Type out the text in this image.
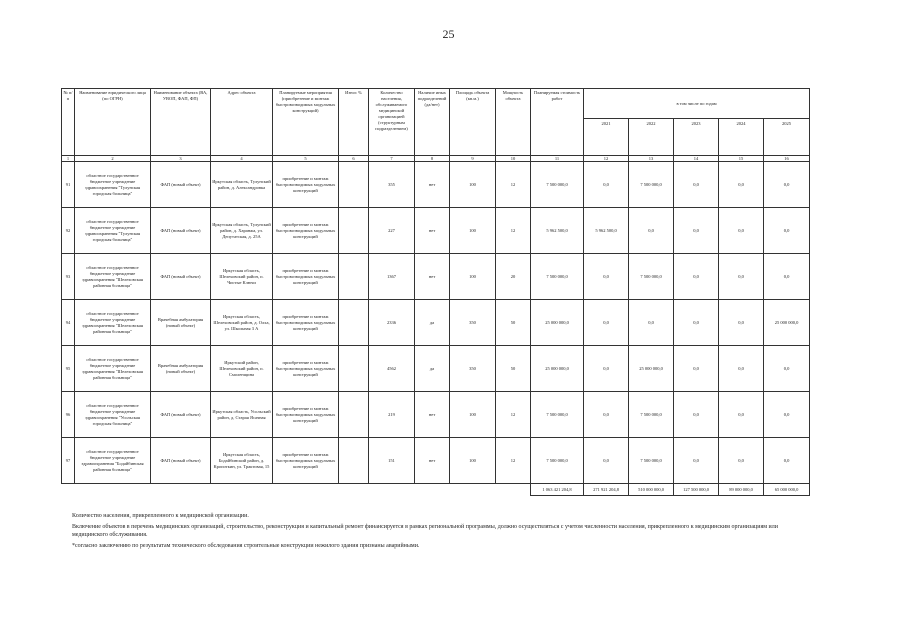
25
№ п/п	Наименование юридического лица (по ОГРН)	Наименование объекта (ВА, УВОП, ФАП, ФП)	Адрес объекта	Планируемые мероприятия (приобретение и монтаж быстровозводимых модульных конструкций)	Износ %	Количество населения, обслуживаемого медицинской организацией (структурным подразделением)	Наличие иных подразделений (да/нет)	Площадь объекта (кв.м.)	Мощность объекта	Планируемая стоимость работ	в том числе по годам				
											2021	2022	2023	2024	2025
1	2	3	4	5	6	7	8	9	10	11	12	13	14	15	16
91	областное государственное бюджетное учреждение здравоохранения "Тулунская городская больница"	ФАП (новый объект)	Иркутская область, Тулунский район, д. Александровка	приобретение и монтаж быстровозводимых модульных конструкций		355	нет	100	12	7 500 000,0	0,0	7 500 000,0	0,0	0,0	0,0
92	областное государственное бюджетное учреждение здравоохранения "Тулунская городская больница"	ФАП (новый объект)	Иркутская область, Тулунский район, д. Харанжа, ул. Депутатская, д. 25А	приобретение и монтаж быстровозводимых модульных конструкций		227	нет	100	12	5 962 500,0	5 962 500,0	0,0	0,0	0,0	0,0
93	областное государственное бюджетное учреждение здравоохранения "Шелеховская районная больница"	ФАП (новый объект)	Иркутская область, Шелеховский район, п. Чистые Ключи	приобретение и монтаж быстровозводимых модульных конструкций		1367	нет	100	20	7 500 000,0	0,0	7 500 000,0	0,0	0,0	0,0
94	областное государственное бюджетное учреждение здравоохранения "Шелеховская районная больница"	Врачебная амбулатория (новый объект)	Иркутская область, Шелеховский район, д. Олха, ул. Школьная 3 А	приобретение и монтаж быстровозводимых модульных конструкций		2336	да	350	50	25 000 000,0	0,0	0,0	0,0	0,0	25 000 000,0
95	областное государственное бюджетное учреждение здравоохранения "Шелеховская районная больница"	Врачебная амбулатория (новый объект)	Иркутский район, Шелеховский район, п. Смоленщина	приобретение и монтаж быстровозводимых модульных конструкций		4562	да	350	50	25 000 000,0	0,0	25 000 000,0	0,0	0,0	0,0
96	областное государственное бюджетное учреждение здравоохранения "Усольская городская больница"	ФАП (новый объект)	Иркутская область, Усольский район, д. Старая Ясачная	приобретение и монтаж быстровозводимых модульных конструкций		219	нет	100	12	7 500 000,0	0,0	7 500 000,0	0,0	0,0	0,0
97	областное государственное бюджетное учреждение здравоохранения "Бодайбинская районная больница"	ФАП (новый объект)	Иркутская область, Бодайбинский район, д. Кропоткин, ул. Трактовая, 15	приобретение и монтаж быстровозводимых модульных конструкций		151	нет	100	12	7 500 000,0	0,0	7 500 000,0	0,0	0,0	0,0
										1 063 421 204,8	271 921 204,8	510 000 000,0	127 500 000,0	89 000 000,0	65 000 000,0

Количество населения, прикрепленного к медицинской организации.

Включение объектов в перечень медицинских организаций, строительство, реконструкция и капитальный ремонт финансируется в рамках региональной программы, должно осуществляться с учетом численности населения, прикрепленного к медицинским организациям или медицинского обслуживания.

*согласно заключению по результатам технического обследования строительные конструкции нежилого здания признаны аварийными.
